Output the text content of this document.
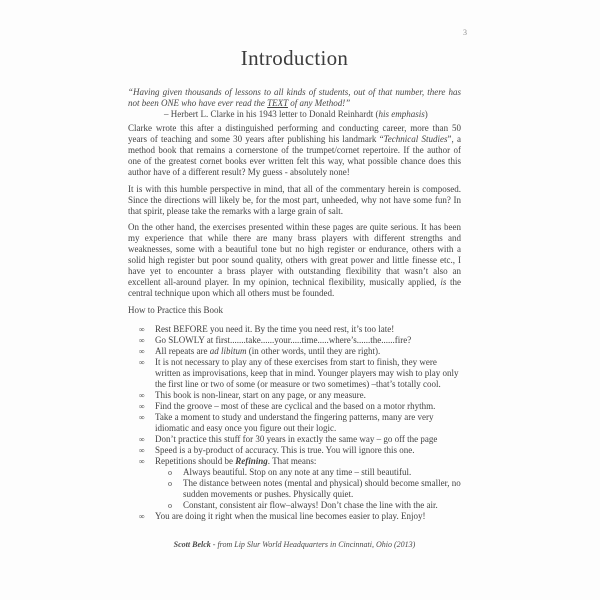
3
Introduction

“Having given thousands of lessons to all kinds of students, out of that number, there has not been ONE who have ever read the TEXT of any Method!”

– Herbert L. Clarke in his 1943 letter to Donald Reinhardt (his emphasis)

Clarke wrote this after a distinguished performing and conducting career, more than 50 years of teaching and some 30 years after publishing his landmark “Technical Studies”, a method book that remains a cornerstone of the trumpet/cornet repertoire. If the author of one of the greatest cornet books ever written felt this way, what possible chance does this author have of a different result? My guess - absolutely none!

It is with this humble perspective in mind, that all of the commentary herein is composed. Since the directions will likely be, for the most part, unheeded, why not have some fun? In that spirit, please take the remarks with a large grain of salt.

On the other hand, the exercises presented within these pages are quite serious. It has been my experience that while there are many brass players with different strengths and weaknesses, some with a beautiful tone but no high register or endurance, others with a solid high register but poor sound quality, others with great power and little finesse etc., I have yet to encounter a brass player with outstanding flexibility that wasn’t also an excellent all-around player. In my opinion, technical flexibility, musically applied, is the central technique upon which all others must be founded.

How to Practice this Book

∞ Rest BEFORE you need it. By the time you need rest, it’s too late!
∞ Go SLOWLY at first.......take......your.....time.....where’s......the......fire?
∞ All repeats are ad libitum (in other words, until they are right).
∞ It is not necessary to play any of these exercises from start to finish, they were written as improvisations, keep that in mind. Younger players may wish to play only the first line or two of some (or measure or two sometimes) –that’s totally cool.
∞ This book is non-linear, start on any page, or any measure.
∞ Find the groove – most of these are cyclical and the based on a motor rhythm.
∞ Take a moment to study and understand the fingering patterns, many are very idiomatic and easy once you figure out their logic.
∞ Don’t practice this stuff for 30 years in exactly the same way – go off the page
∞ Speed is a by-product of accuracy. This is true. You will ignore this one.
∞ Repetitions should be Refining. That means:
o Always beautiful. Stop on any note at any time – still beautiful.
o The distance between notes (mental and physical) should become smaller, no sudden movements or pushes. Physically quiet.
o Constant, consistent air flow–always! Don’t chase the line with the air.
∞ You are doing it right when the musical line becomes easier to play. Enjoy!

Scott Belck - from Lip Slur World Headquarters in Cincinnati, Ohio (2013)
